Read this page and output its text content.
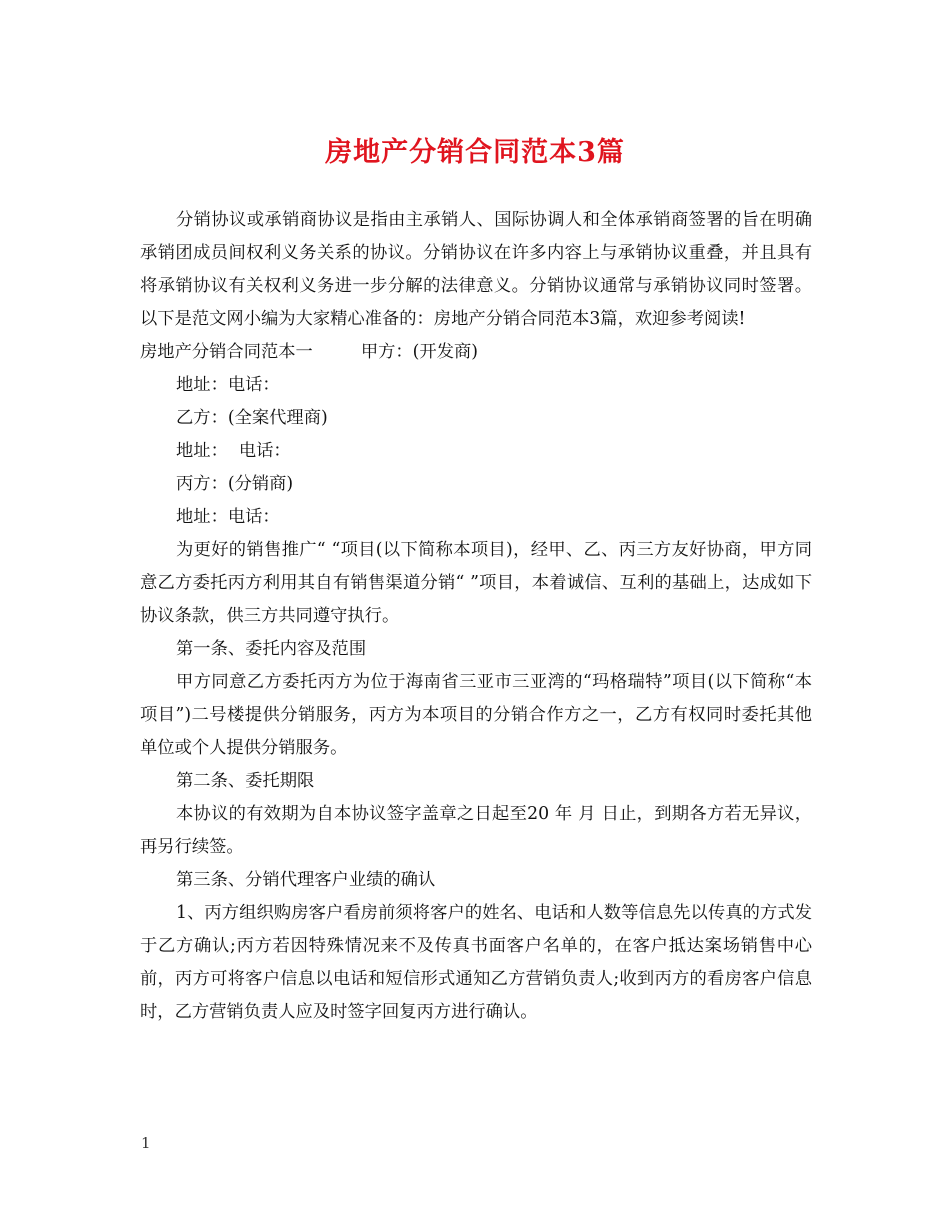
房地产分销合同范本3篇

分销协议或承销商协议是指由主承销人、国际协调人和全体承销商签署的旨在明确承销团成员间权利义务关系的协议。分销协议在许多内容上与承销协议重叠，并且具有将承销协议有关权利义务进一步分解的法律意义。分销协议通常与承销协议同时签署。以下是范文网小编为大家精心准备的：房地产分销合同范本3篇，欢迎参考阅读!

房地产分销合同范本一	甲方：(开发商)

地址：电话：

乙方：(全案代理商)

地址：  电话：

丙方：(分销商)

地址：电话：

为更好的销售推广“ “项目(以下简称本项目)，经甲、乙、丙三方友好协商，甲方同意乙方委托丙方利用其自有销售渠道分销“ ”项目，本着诚信、互利的基础上，达成如下协议条款，供三方共同遵守执行。

第一条、委托内容及范围

甲方同意乙方委托丙方为位于海南省三亚市三亚湾的“玛格瑞特”项目(以下简称“本项目”)二号楼提供分销服务，丙方为本项目的分销合作方之一，乙方有权同时委托其他单位或个人提供分销服务。

第二条、委托期限

本协议的有效期为自本协议签字盖章之日起至20 年 月 日止，到期各方若无异议，再另行续签。

第三条、分销代理客户业绩的确认

1、丙方组织购房客户看房前须将客户的姓名、电话和人数等信息先以传真的方式发于乙方确认;丙方若因特殊情况来不及传真书面客户名单的，在客户抵达案场销售中心前，丙方可将客户信息以电话和短信形式通知乙方营销负责人;收到丙方的看房客户信息时，乙方营销负责人应及时签字回复丙方进行确认。

1
